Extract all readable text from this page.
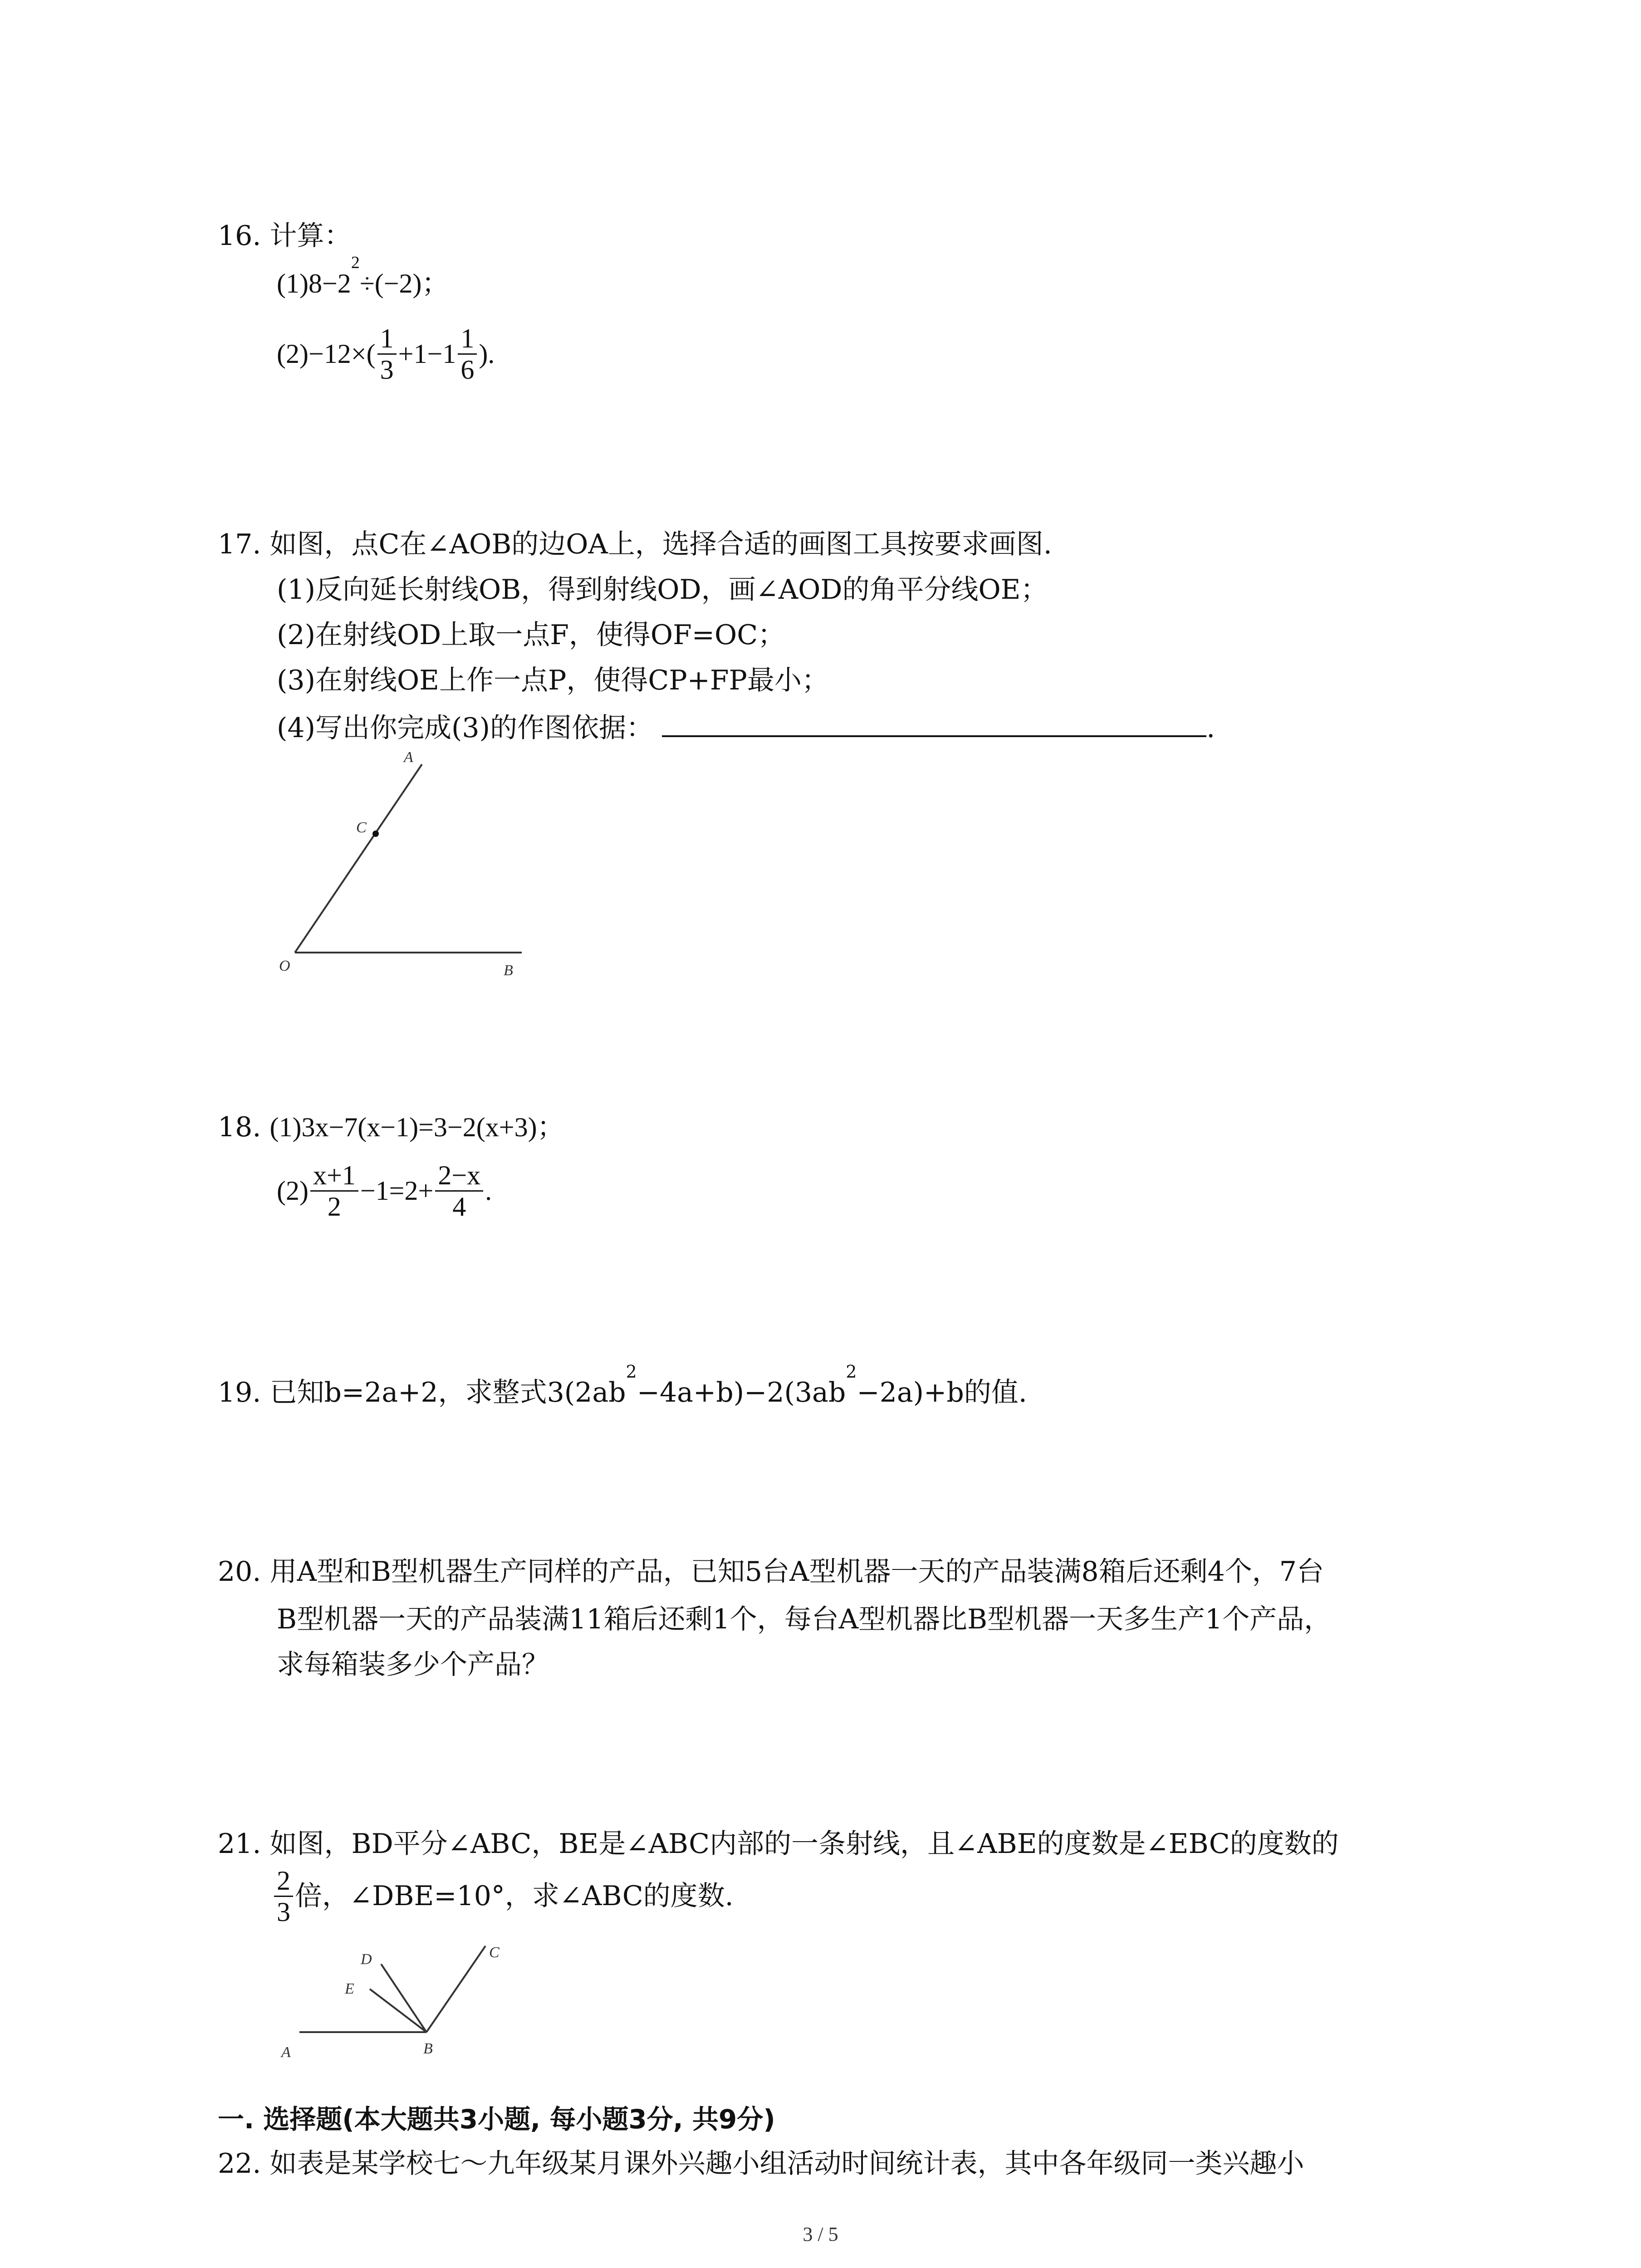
16. 计算：
$(1)8-2^2\div(-2)$；
$(2)-12\times( \frac{1}{3} +1-1 \frac{1}{6}$ ).
17. 如图，点C在∠AOB的边OA上，选择合适的画图工具按要求画图.
(1)反向延长射线OB，得到射线OD，画∠AOD的角平分线OE；
(2)在射线OD上取一点F，使得OF=OC；
(3)在射线OE上作一点P，使得CP+FP最小；
(4)写出你完成(3)的作图依据：	.
A
C
O	B
18. (1)3x−7(x−1)=3−2(x+3)；
$(2) \frac{x+1}{2} -1=2+ \frac{2-x}{4}$ .
19. 已知b=2a+2，求整式$3(2ab^2-4a+b)-2(3ab^2-2a)+b$的值.
20. 用A型和B型机器生产同样的产品，已知5台A型机器一天的产品装满8箱后还剩4个，7台
B型机器一天的产品装满11箱后还剩1个，每台A型机器比B型机器一天多生产1个产品，
求每箱装多少个产品？
21. 如图，BD平分∠ABC，BE是∠ABC内部的一条射线，且∠ABE的度数是∠EBC的度数的
$\frac{2}{3}$ 倍，∠DBE=10°，求∠ABC的度数.
D	C
E
A	B
一. 选择题(本大题共3小题, 每小题3分, 共9分)
22. 如表是某学校七～九年级某月课外兴趣小组活动时间统计表，其中各年级同一类兴趣小
3 / 5
